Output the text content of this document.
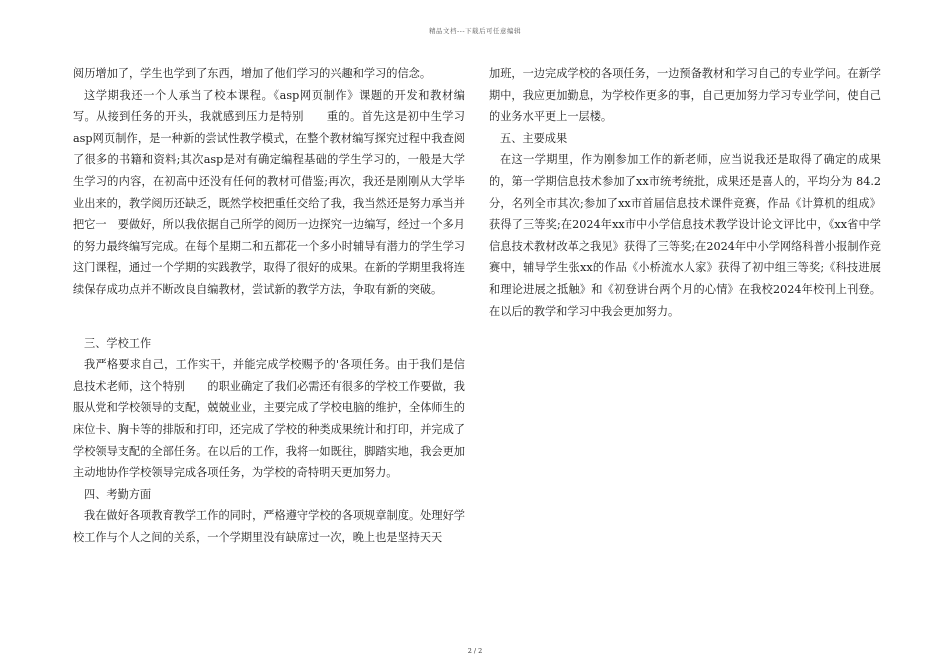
精品文档---下载后可任意编辑

阅历增加了，学生也学到了东西，增加了他们学习的兴趣和学习的信念。

这学期我还一个人承当了校本课程。《asp网页制作》课题的开发和教材编写。从接到任务的开头，我就感到压力是特别　　重的。首先这是初中生学习asp网页制作，是一种新的尝试性教学模式，在整个教材编写探究过程中我查阅了很多的书籍和资料;其次asp是对有确定编程基础的学生学习的，一般是大学生学习的内容，在初高中还没有任何的教材可借鉴;再次，我还是刚刚从大学毕业出来的，教学阅历还缺乏，既然学校把重任交给了我，我当然还是努力承当并把它一　要做好，所以我依据自己所学的阅历一边探究一边编写，经过一个多月的努力最终编写完成。在每个星期二和五都花一个多小时辅导有潜力的学生学习这门课程，通过一个学期的实践教学，取得了很好的成果。在新的学期里我将连续保存成功点并不断改良自编教材，尝试新的教学方法，争取有新的突破。

三、学校工作

我严格要求自己，工作实干，并能完成学校赐予的'各项任务。由于我们是信息技术老师，这个特别　　的职业确定了我们必需还有很多的学校工作要做，我服从党和学校领导的支配，兢兢业业，主要完成了学校电脑的维护，全体师生的床位卡、胸卡等的排版和打印，还完成了学校的种类成果统计和打印，并完成了学校领导支配的全部任务。在以后的工作，我将一如既往，脚踏实地，我会更加主动地协作学校领导完成各项任务，为学校的奇特明天更加努力。

四、考勤方面

我在做好各项教育教学工作的同时，严格遵守学校的各项规章制度。处理好学校工作与个人之间的关系，一个学期里没有缺席过一次，晚上也是坚持天天

加班，一边完成学校的各项任务，一边预备教材和学习自己的专业学问。在新学期中，我应更加勤息，为学校作更多的事，自己更加努力学习专业学问，使自己的业务水平更上一层楼。

五、主要成果

在这一学期里，作为刚参加工作的新老师，应当说我还是取得了确定的成果的，第一学期信息技术参加了xx市统考统批，成果还是喜人的，平均分为 84.2分，名列全市其次;参加了xx市首届信息技术课件竞赛，作品《计算机的组成》获得了三等奖;在2024年xx市中小学信息技术教学设计论文评比中，《xx省中学信息技术教材改革之我见》获得了三等奖;在2024年中小学网络科普小报制作竞赛中，辅导学生张xx的作品《小桥流水人家》获得了初中组三等奖;《科技进展和理论进展之抵触》和《初登讲台两个月的心情》在我校2024年校刊上刊登。在以后的教学和学习中我会更加努力。

2 / 2
